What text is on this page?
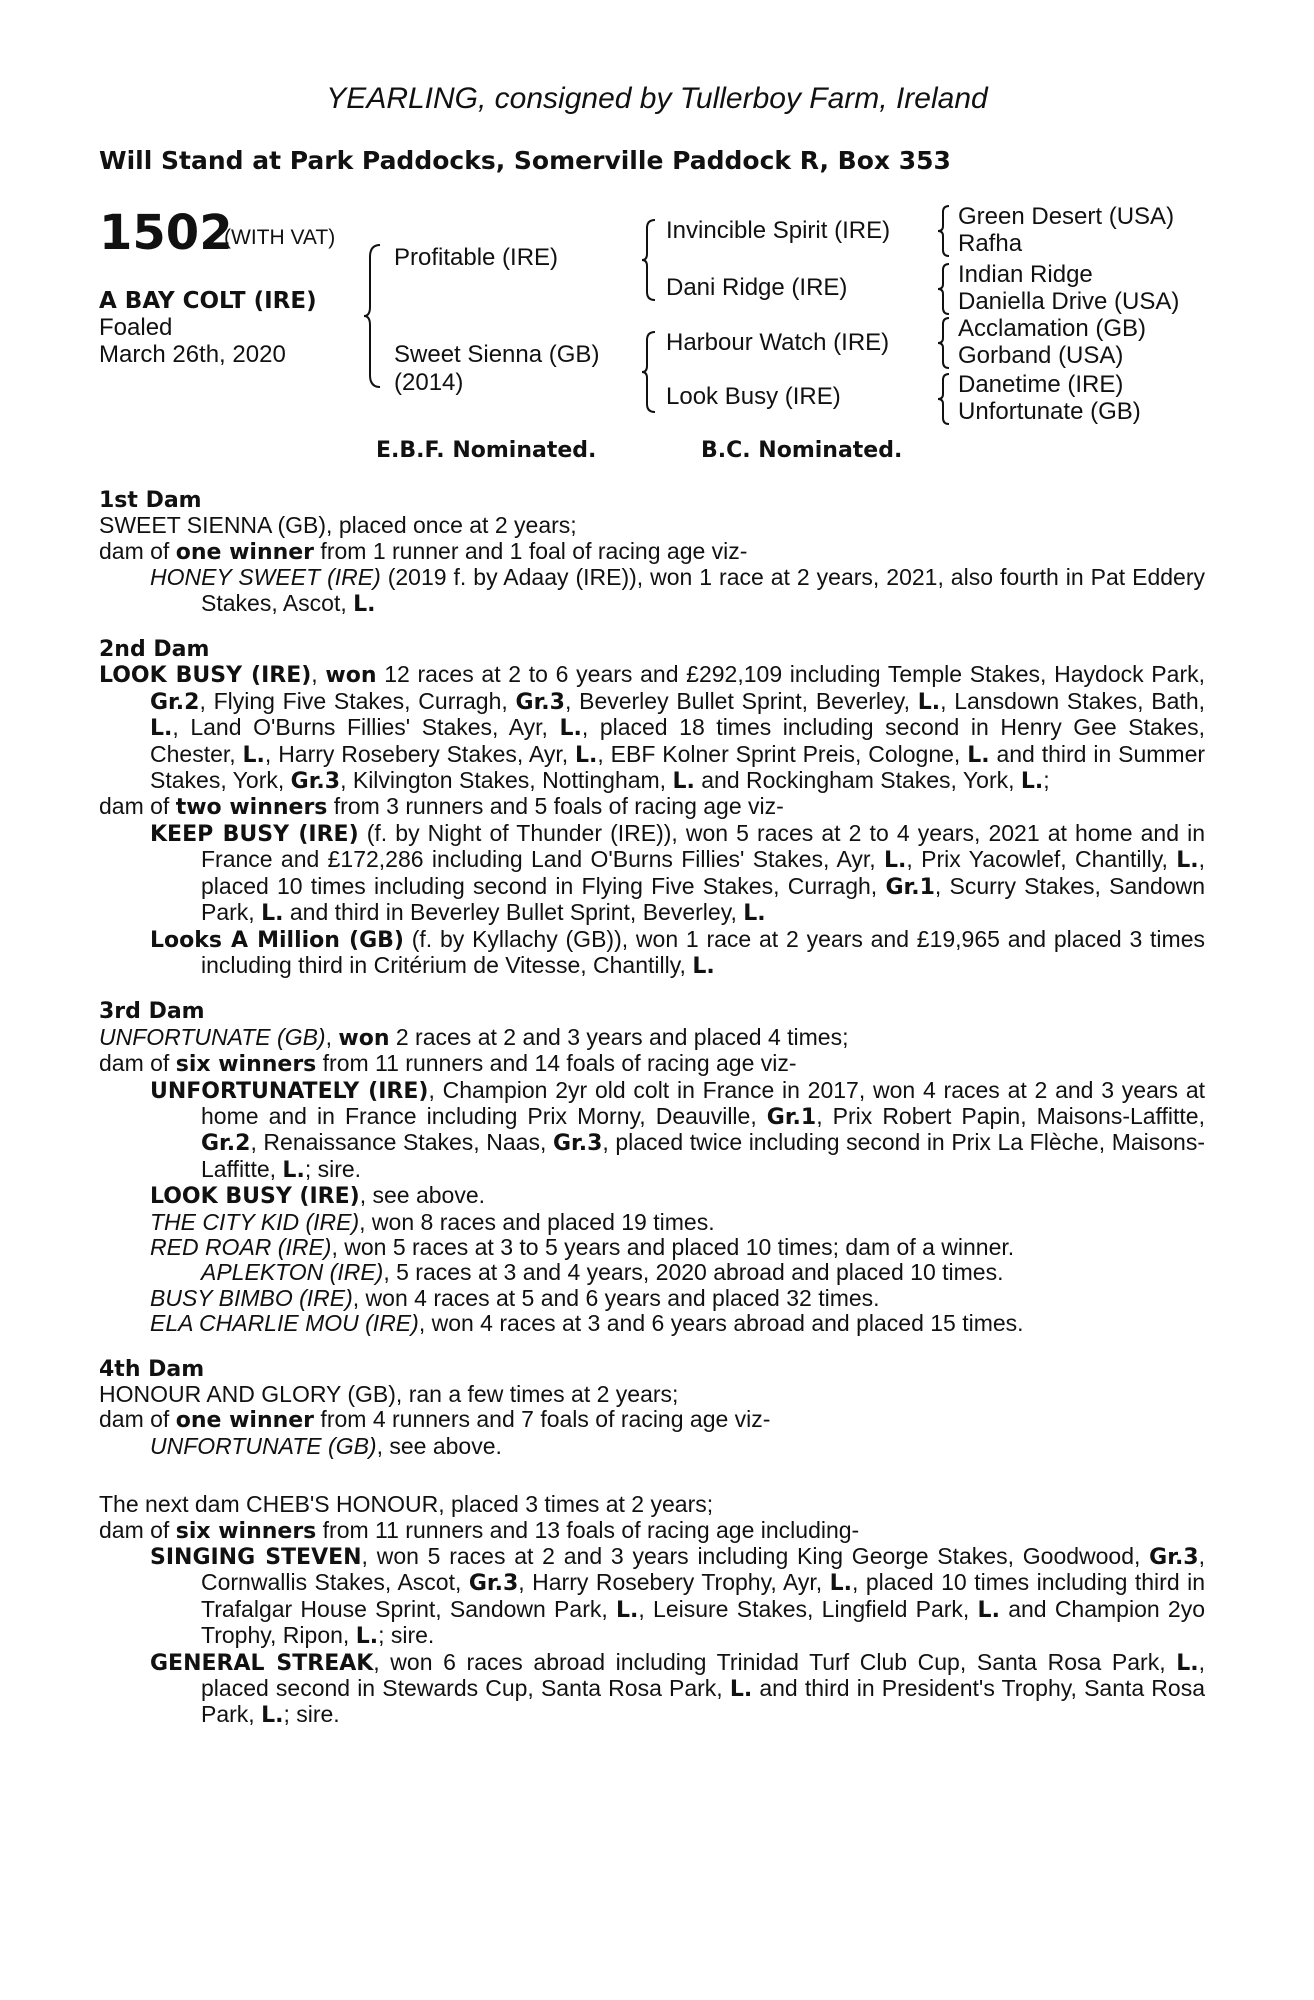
YEARLING, consigned by Tullerboy Farm, Ireland
Will Stand at Park Paddocks, Somerville Paddock R, Box 353
1502
(WITH VAT)
A BAY COLT (IRE)
Foaled
March 26th, 2020
Profitable (IRE)
Sweet Sienna (GB)
(2014)
Invincible Spirit (IRE)
Dani Ridge (IRE)
Harbour Watch (IRE)
Look Busy (IRE)
Green Desert (USA)
Rafha
Indian Ridge
Daniella Drive (USA)
Acclamation (GB)
Gorband (USA)
Danetime (IRE)
Unfortunate (GB)
E.B.F. Nominated.	B.C. Nominated.
1st Dam
SWEET SIENNA (GB), placed once at 2 years;
dam of one winner from 1 runner and 1 foal of racing age viz-
HONEY SWEET (IRE) (2019 f. by Adaay (IRE)), won 1 race at 2 years, 2021, also fourth in Pat Eddery Stakes, Ascot, L.
2nd Dam
LOOK BUSY (IRE), won 12 races at 2 to 6 years and £292,109 including Temple Stakes, Haydock Park, Gr.2, Flying Five Stakes, Curragh, Gr.3, Beverley Bullet Sprint, Beverley, L., Lansdown Stakes, Bath, L., Land O'Burns Fillies' Stakes, Ayr, L., placed 18 times including second in Henry Gee Stakes, Chester, L., Harry Rosebery Stakes, Ayr, L., EBF Kolner Sprint Preis, Cologne, L. and third in Summer Stakes, York, Gr.3, Kilvington Stakes, Nottingham, L. and Rockingham Stakes, York, L.;
dam of two winners from 3 runners and 5 foals of racing age viz-
KEEP BUSY (IRE) (f. by Night of Thunder (IRE)), won 5 races at 2 to 4 years, 2021 at home and in France and £172,286 including Land O'Burns Fillies' Stakes, Ayr, L., Prix Yacowlef, Chantilly, L., placed 10 times including second in Flying Five Stakes, Curragh, Gr.1, Scurry Stakes, Sandown Park, L. and third in Beverley Bullet Sprint, Beverley, L.
Looks A Million (GB) (f. by Kyllachy (GB)), won 1 race at 2 years and £19,965 and placed 3 times including third in Critérium de Vitesse, Chantilly, L.
3rd Dam
UNFORTUNATE (GB), won 2 races at 2 and 3 years and placed 4 times;
dam of six winners from 11 runners and 14 foals of racing age viz-
UNFORTUNATELY (IRE), Champion 2yr old colt in France in 2017, won 4 races at 2 and 3 years at home and in France including Prix Morny, Deauville, Gr.1, Prix Robert Papin, Maisons-Laffitte, Gr.2, Renaissance Stakes, Naas, Gr.3, placed twice including second in Prix La Flèche, Maisons-Laffitte, L.; sire.
LOOK BUSY (IRE), see above.
THE CITY KID (IRE), won 8 races and placed 19 times.
RED ROAR (IRE), won 5 races at 3 to 5 years and placed 10 times; dam of a winner.
APLEKTON (IRE), 5 races at 3 and 4 years, 2020 abroad and placed 10 times.
BUSY BIMBO (IRE), won 4 races at 5 and 6 years and placed 32 times.
ELA CHARLIE MOU (IRE), won 4 races at 3 and 6 years abroad and placed 15 times.
4th Dam
HONOUR AND GLORY (GB), ran a few times at 2 years;
dam of one winner from 4 runners and 7 foals of racing age viz-
UNFORTUNATE (GB), see above.
The next dam CHEB'S HONOUR, placed 3 times at 2 years;
dam of six winners from 11 runners and 13 foals of racing age including-
SINGING STEVEN, won 5 races at 2 and 3 years including King George Stakes, Goodwood, Gr.3, Cornwallis Stakes, Ascot, Gr.3, Harry Rosebery Trophy, Ayr, L., placed 10 times including third in Trafalgar House Sprint, Sandown Park, L., Leisure Stakes, Lingfield Park, L. and Champion 2yo Trophy, Ripon, L.; sire.
GENERAL STREAK, won 6 races abroad including Trinidad Turf Club Cup, Santa Rosa Park, L., placed second in Stewards Cup, Santa Rosa Park, L. and third in President's Trophy, Santa Rosa Park, L.; sire.
